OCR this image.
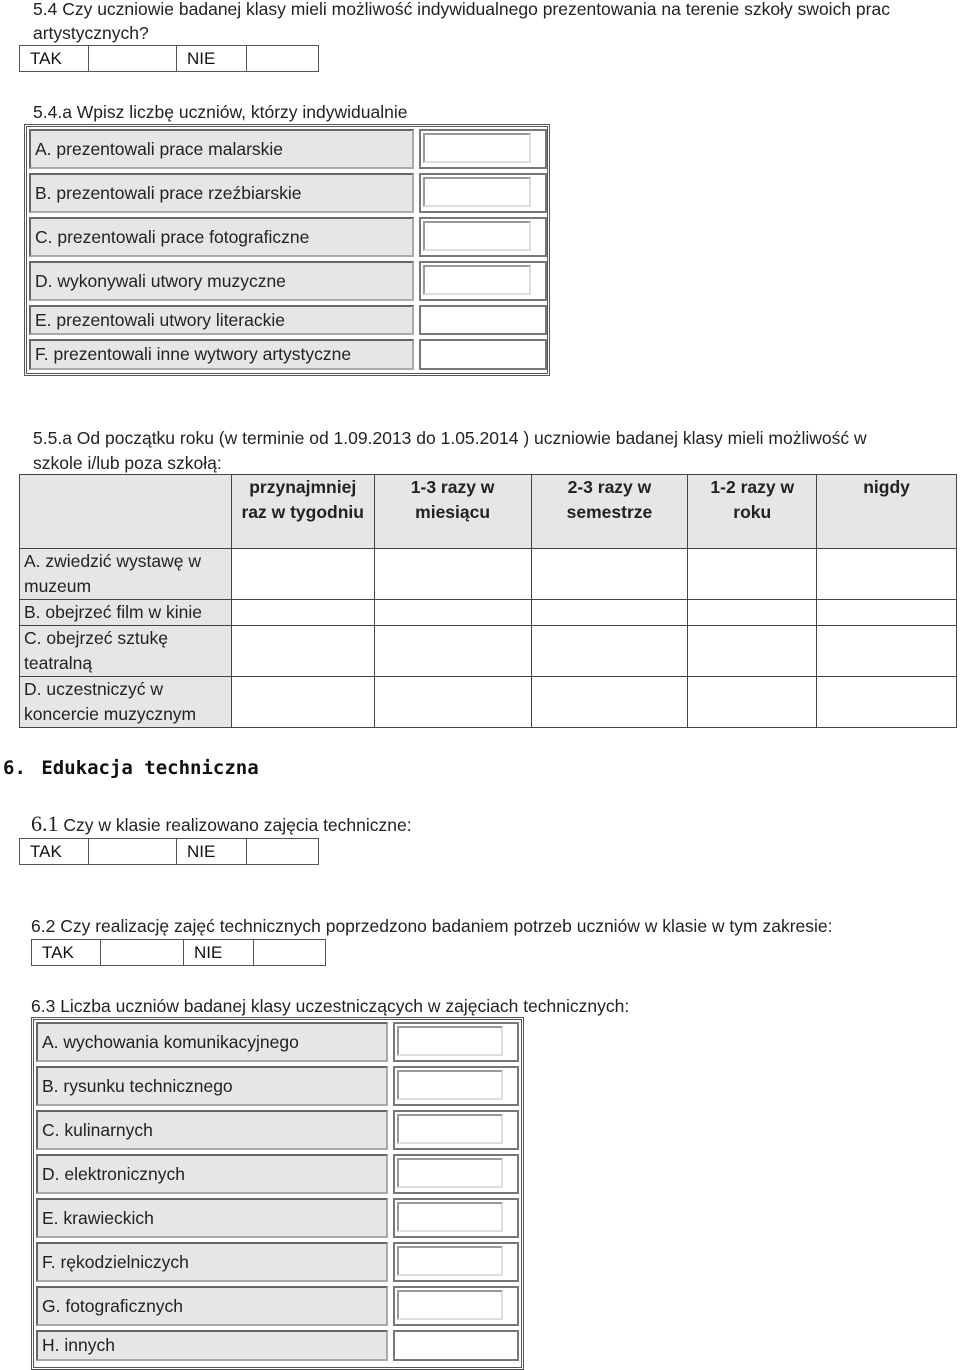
5.4 Czy uczniowie badanej klasy mieli możliwość indywidualnego prezentowania na terenie szkoły swoich prac
artystycznych?
TAK	NIE
5.4.a Wpisz liczbę uczniów, którzy indywidualnie
A. prezentowali prace malarskie
B. prezentowali prace rzeźbiarskie
C. prezentowali prace fotograficzne
D. wykonywali utwory muzyczne
E. prezentowali utwory literackie
F. prezentowali inne wytwory artystyczne
5.5.a Od początku roku (w terminie od 1.09.2013 do 1.05.2014 ) uczniowie badanej klasy mieli możliwość w
szkole i/lub poza szkołą:
	przynajmniej raz w tygodniu	1-3 razy w miesiącu	2-3 razy w semestrze	1-2 razy w roku	nigdy
A. zwiedzić wystawę w muzeum					
B. obejrzeć film w kinie					
C. obejrzeć sztukę teatralną					
D. uczestniczyć w koncercie muzycznym					
6. Edukacja techniczna
6.1 Czy w klasie realizowano zajęcia techniczne:
TAK	NIE
6.2 Czy realizację zajęć technicznych poprzedzono badaniem potrzeb uczniów w klasie w tym zakresie:
TAK	NIE
6.3 Liczba uczniów badanej klasy uczestniczących w zajęciach technicznych:
A. wychowania komunikacyjnego
B. rysunku technicznego
C. kulinarnych
D. elektronicznych
E. krawieckich
F. rękodzielniczych
G. fotograficznych
H. innych
